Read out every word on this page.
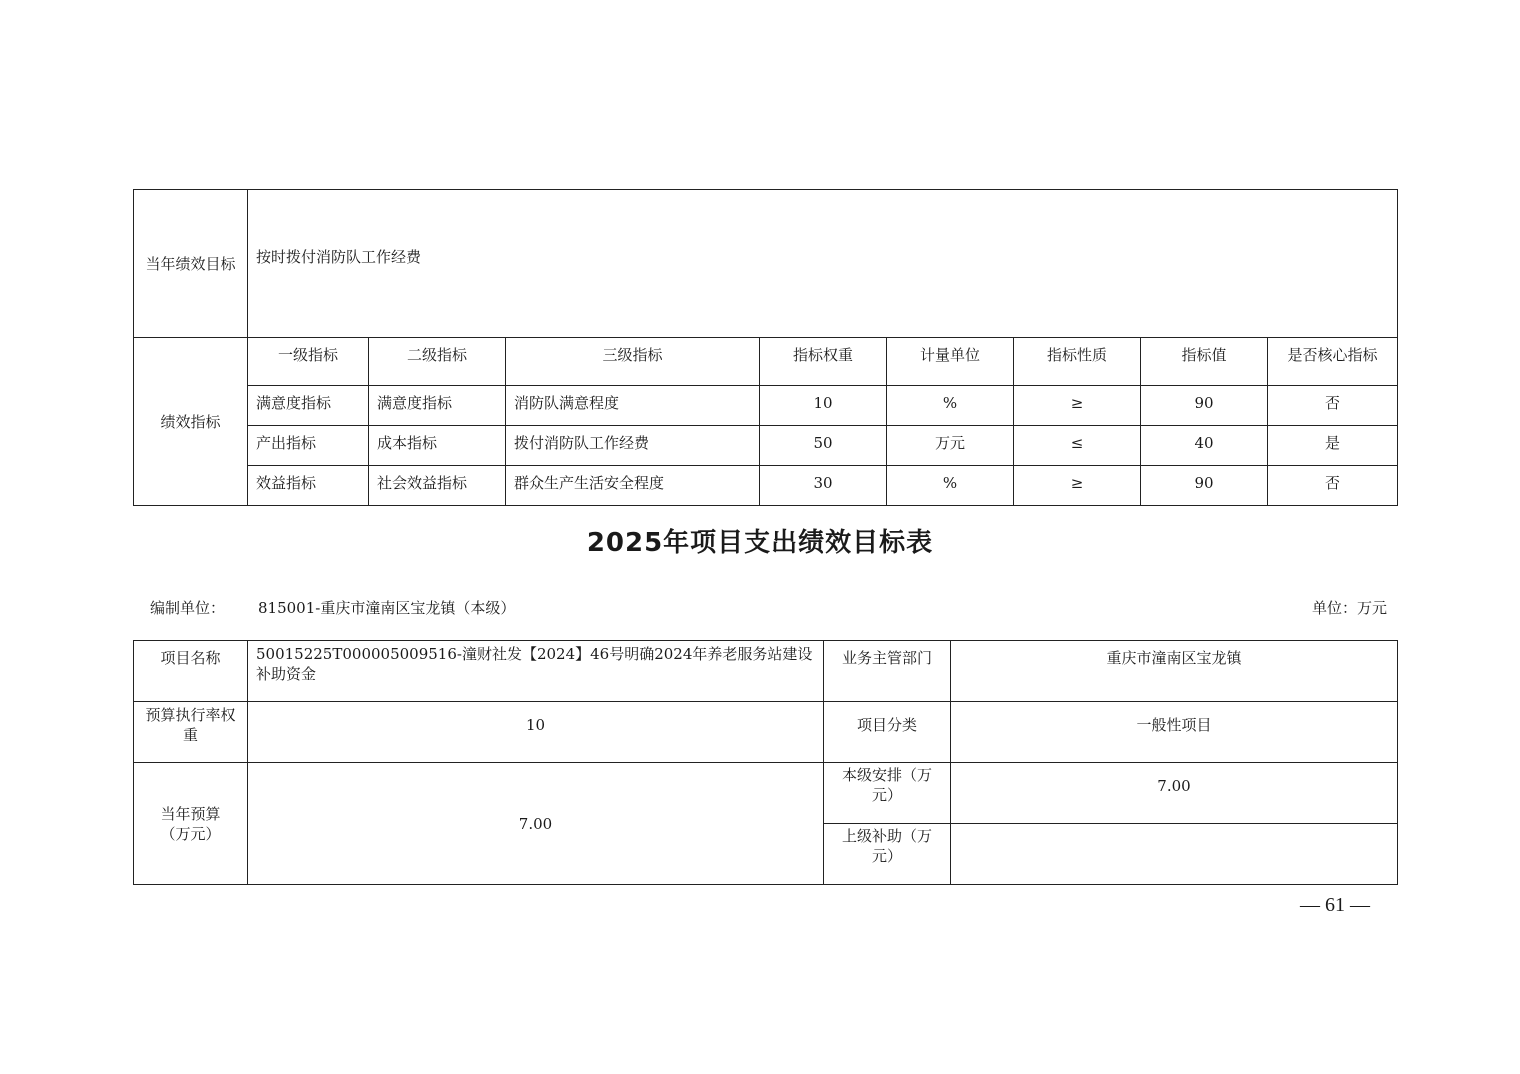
当年绩效目标	按时拨付消防队工作经费							
绩效指标	一级指标	二级指标	三级指标	指标权重	计量单位	指标性质	指标值	是否核心指标
	满意度指标	满意度指标	消防队满意程度	10	%	≥	90	否
	产出指标	成本指标	拨付消防队工作经费	50	万元	≤	40	是
	效益指标	社会效益指标	群众生产生活安全程度	30	%	≥	90	否
2025年项目支出绩效目标表
编制单位： 815001-重庆市潼南区宝龙镇（本级）	单位：万元
项目名称	50015225T000005009516-潼财社发【2024】46号明确2024年养老服务站建设补助资金	业务主管部门	重庆市潼南区宝龙镇
预算执行率权重	10	项目分类	一般性项目
当年预算（万元）	7.00	本级安排（万元）	7.00
		上级补助（万元）	
— 61 —
